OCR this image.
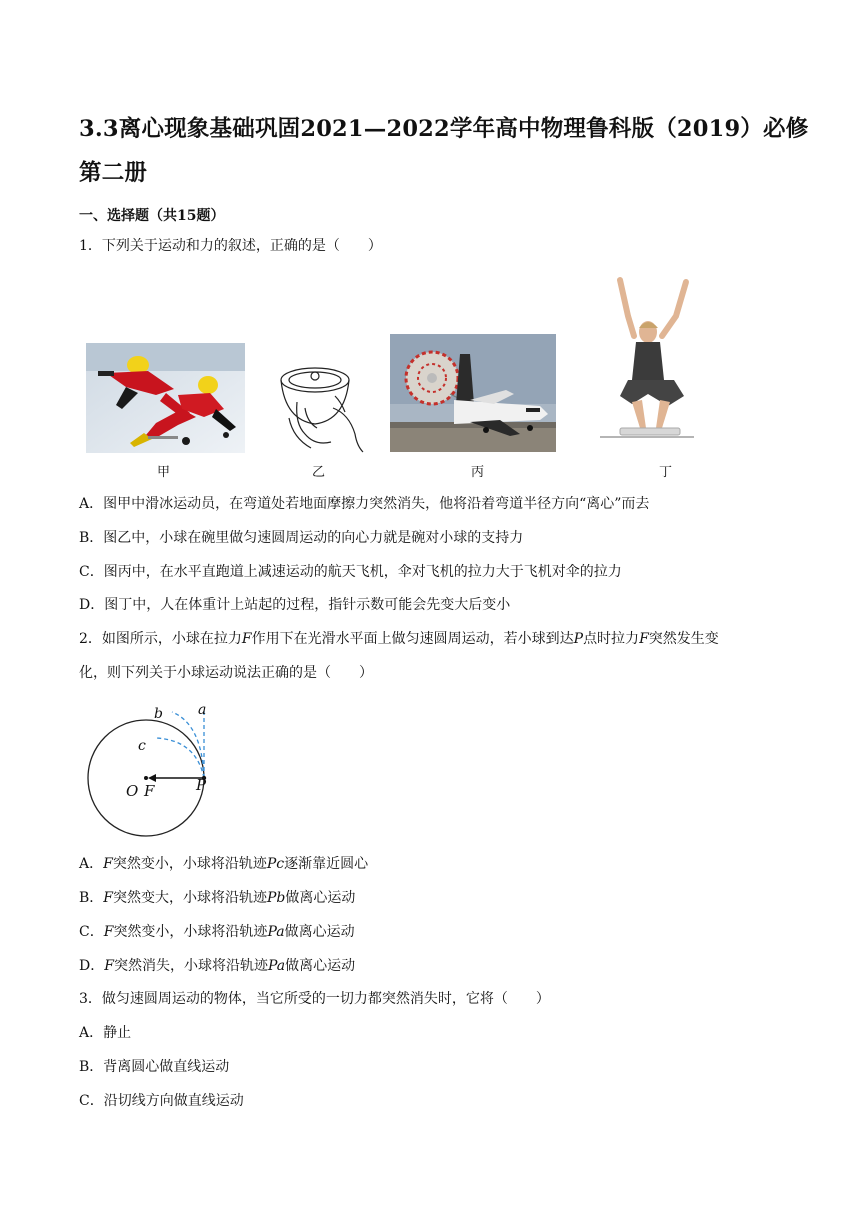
3.3离心现象基础巩固2021—2022学年高中物理鲁科版（2019）必修
第二册
一、选择题（共15题）
1．下列关于运动和力的叙述，正确的是（　　）
甲	乙	丙	丁
A．图甲中滑冰运动员，在弯道处若地面摩擦力突然消失，他将沿着弯道半径方向“离心”而去
B．图乙中，小球在碗里做匀速圆周运动的向心力就是碗对小球的支持力
C．图丙中，在水平直跑道上减速运动的航天飞机，伞对飞机的拉力大于飞机对伞的拉力
D．图丁中，人在体重计上站起的过程，指针示数可能会先变大后变小
2．如图所示，小球在拉力F作用下在光滑水平面上做匀速圆周运动，若小球到达P点时拉力F突然发生变
化，则下列关于小球运动说法正确的是（　　）
a
b
c
O F	P
A．F突然变小，小球将沿轨迹Pc逐渐靠近圆心
B．F突然变大，小球将沿轨迹Pb做离心运动
C．F突然变小，小球将沿轨迹Pa做离心运动
D．F突然消失，小球将沿轨迹Pa做离心运动
3．做匀速圆周运动的物体，当它所受的一切力都突然消失时，它将（　　）
A．静止
B．背离圆心做直线运动
C．沿切线方向做直线运动
